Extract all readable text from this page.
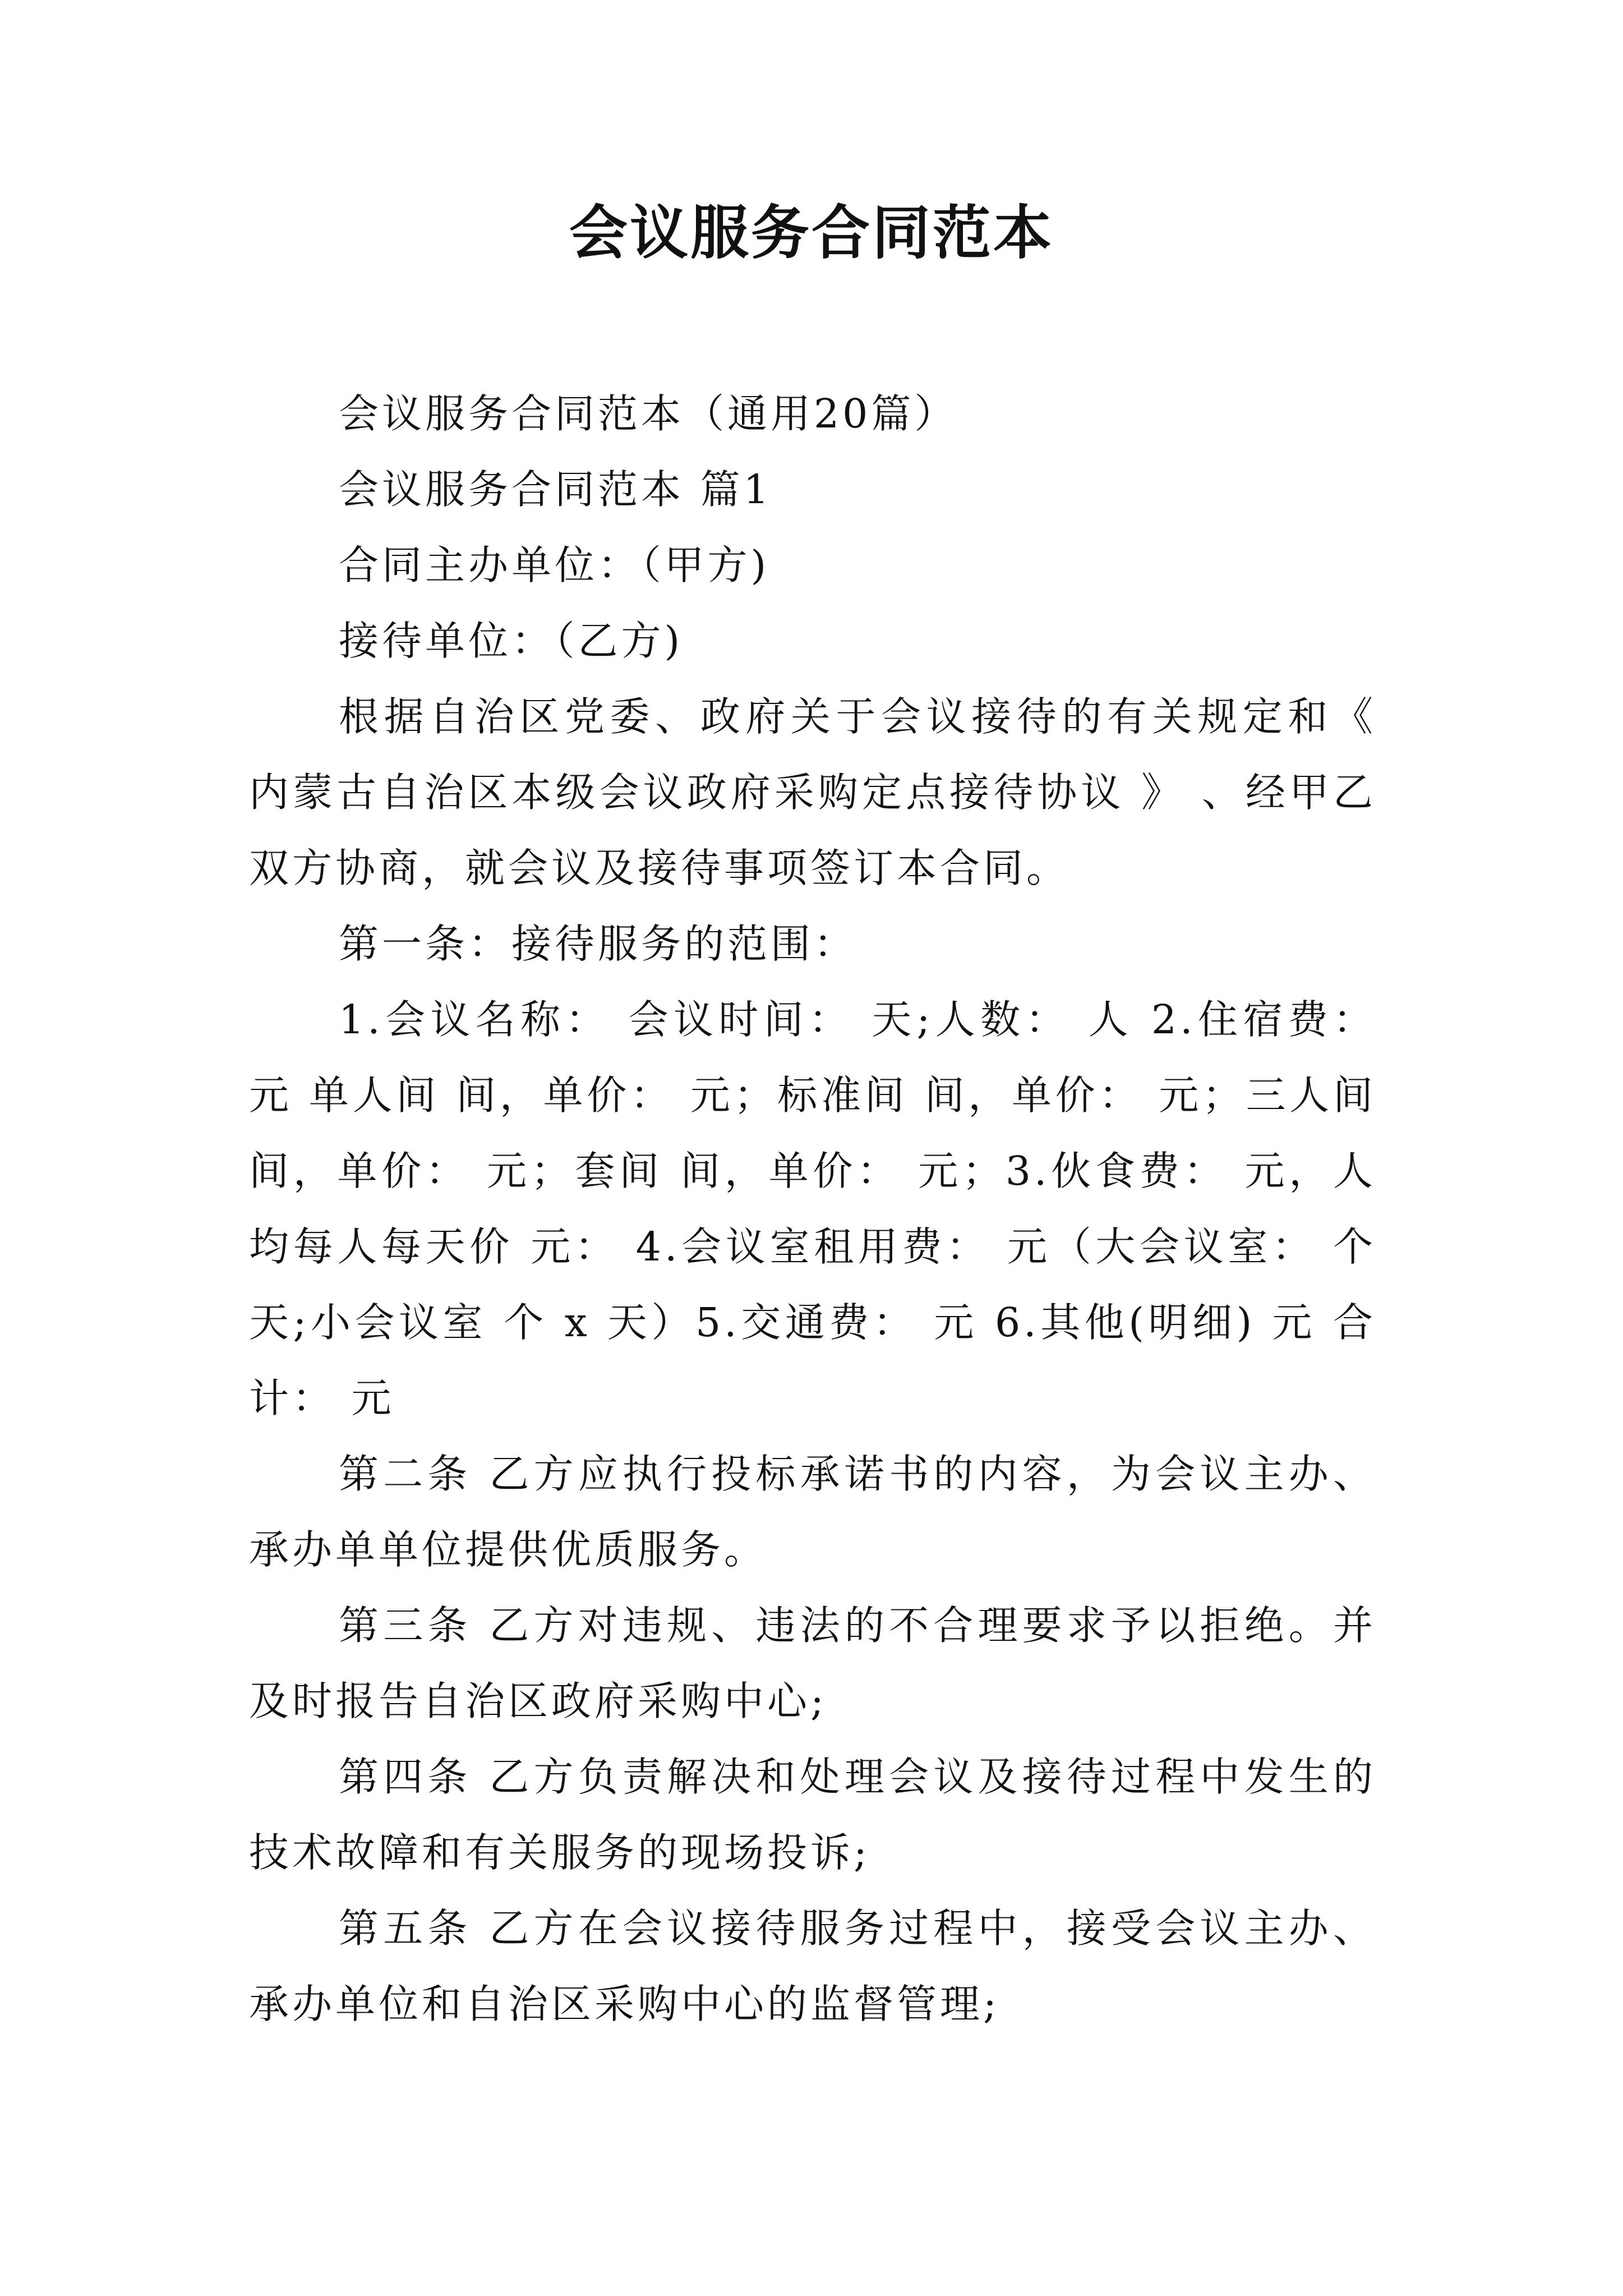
会议服务合同范本

会议服务合同范本（通用20篇）

会议服务合同范本 篇1

合同主办单位：（甲方)

接待单位：（乙方)

根据自治区党委、政府关于会议接待的有关规定和《 内蒙古自治区本级会议政府采购定点接待协议 》 、经甲乙双方协商，就会议及接待事项签订本合同。

第一条：接待服务的范围：

1.会议名称： 会议时间： 天;人数： 人 2.住宿费： 元 单人间 间，单价： 元；标准间 间，单价： 元；三人间 间，单价： 元；套间 间，单价： 元；3.伙食费： 元，人均每人每天价 元： 4.会议室租用费： 元（大会议室： 个 天;小会议室 个 x 天）5.交通费： 元 6.其他(明细) 元 合计： 元

第二条 乙方应执行投标承诺书的内容，为会议主办、承办单单位提供优质服务。

第三条 乙方对违规、违法的不合理要求予以拒绝。并及时报告自治区政府采购中心;

第四条 乙方负责解决和处理会议及接待过程中发生的技术故障和有关服务的现场投诉;

第五条 乙方在会议接待服务过程中，接受会议主办、承办单位和自治区采购中心的监督管理;
